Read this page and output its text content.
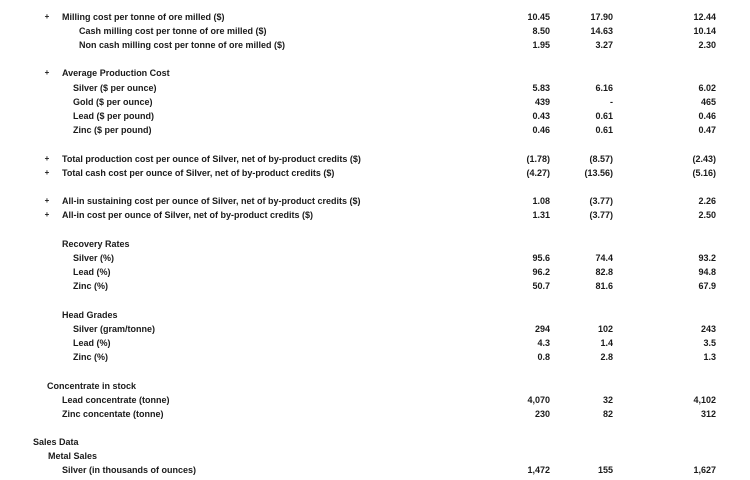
+ Milling cost per tonne of ore milled ($)	10.45	17.90	12.44
Cash milling cost per tonne of ore milled ($)	8.50	14.63	10.14
Non cash milling cost per tonne of ore milled ($)	1.95	3.27	2.30
+ Average Production Cost
Silver ($ per ounce)	5.83	6.16	6.02
Gold ($ per ounce)	439	-	465
Lead ($ per pound)	0.43	0.61	0.46
Zinc ($ per pound)	0.46	0.61	0.47
+ Total production cost per ounce of Silver, net of by-product credits ($)	(1.78)	(8.57)	(2.43)
+ Total cash cost per ounce of Silver, net of by-product credits ($)	(4.27)	(13.56)	(5.16)
+ All-in sustaining cost per ounce of Silver, net of by-product credits ($)	1.08	(3.77)	2.26
+ All-in cost per ounce of Silver, net of by-product credits ($)	1.31	(3.77)	2.50
Recovery Rates
Silver (%)	95.6	74.4	93.2
Lead (%)	96.2	82.8	94.8
Zinc (%)	50.7	81.6	67.9
Head Grades
Silver (gram/tonne)	294	102	243
Lead (%)	4.3	1.4	3.5
Zinc (%)	0.8	2.8	1.3
Concentrate in stock
Lead concentrate (tonne)	4,070	32	4,102
Zinc concentate (tonne)	230	82	312
Sales Data
Metal Sales
Silver (in thousands of ounces)	1,472	155	1,627
